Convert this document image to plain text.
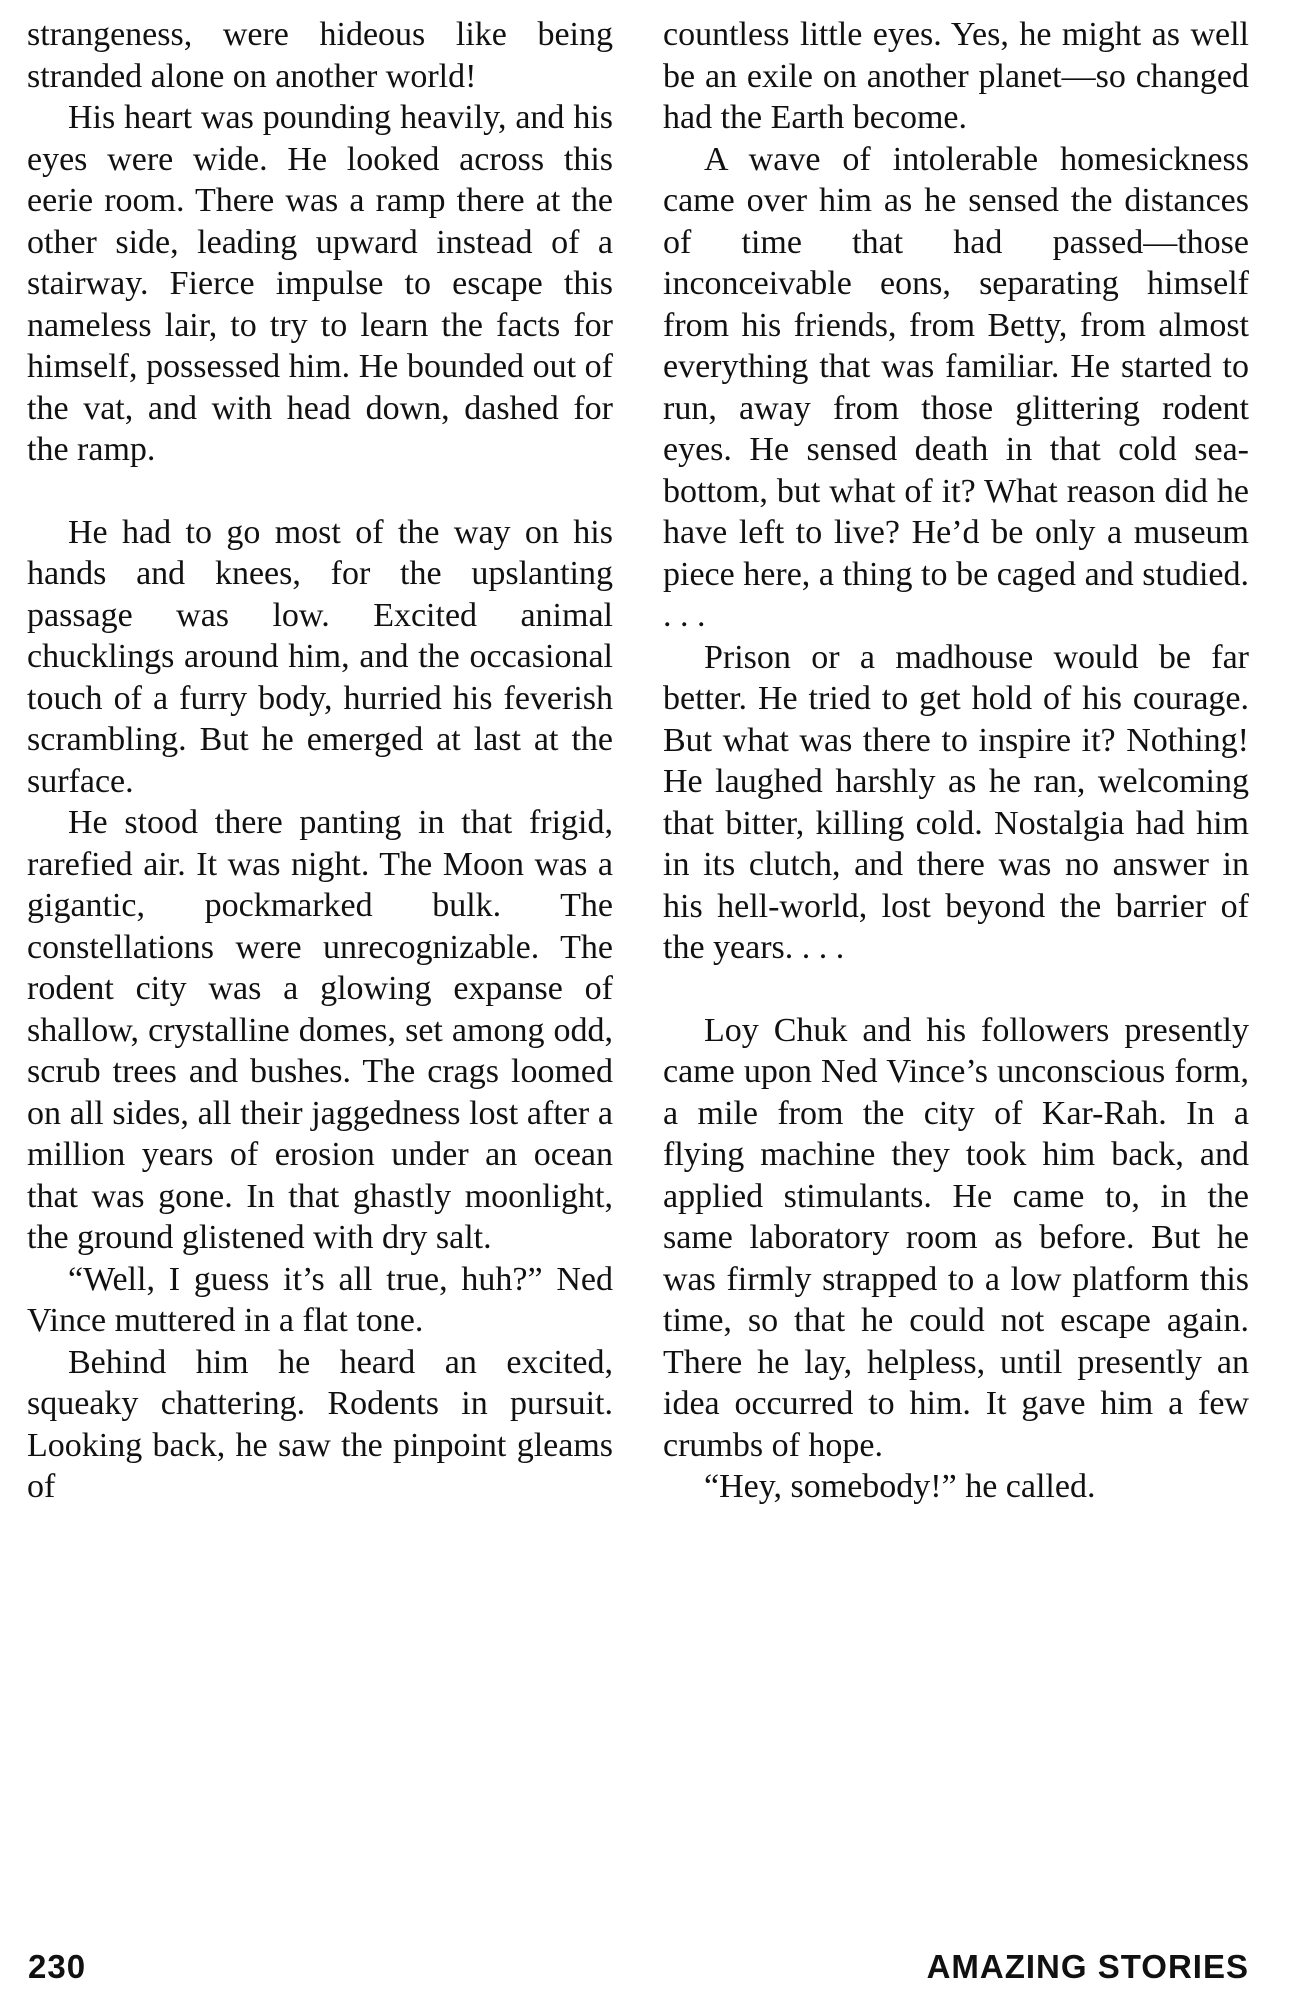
strangeness, were hideous like being stranded alone on another world!

His heart was pounding heavily, and his eyes were wide. He looked across this eerie room. There was a ramp there at the other side, leading upward instead of a stairway. Fierce impulse to escape this nameless lair, to try to learn the facts for himself, possessed him. He bounded out of the vat, and with head down, dashed for the ramp.

He had to go most of the way on his hands and knees, for the upslanting passage was low. Excited animal chucklings around him, and the occasional touch of a furry body, hurried his feverish scrambling. But he emerged at last at the surface.

He stood there panting in that frigid, rarefied air. It was night. The Moon was a gigantic, pockmarked bulk. The constellations were unrecognizable. The rodent city was a glowing expanse of shallow, crystalline domes, set among odd, scrub trees and bushes. The crags loomed on all sides, all their jaggedness lost after a million years of erosion under an ocean that was gone. In that ghastly moonlight, the ground glistened with dry salt.

“Well, I guess it’s all true, huh?” Ned Vince muttered in a flat tone.

Behind him he heard an excited, squeaky chattering. Rodents in pursuit. Looking back, he saw the pinpoint gleams of

countless little eyes. Yes, he might as well be an exile on another planet—so changed had the Earth become.

A wave of intolerable homesickness came over him as he sensed the distances of time that had passed—those inconceivable eons, separating himself from his friends, from Betty, from almost everything that was familiar. He started to run, away from those glittering rodent eyes. He sensed death in that cold sea-bottom, but what of it? What reason did he have left to live? He’d be only a museum piece here, a thing to be caged and studied. . . .

Prison or a madhouse would be far better. He tried to get hold of his courage. But what was there to inspire it? Nothing! He laughed harshly as he ran, welcoming that bitter, killing cold. Nostalgia had him in its clutch, and there was no answer in his hell-world, lost beyond the barrier of the years. . . .

Loy Chuk and his followers presently came upon Ned Vince’s unconscious form, a mile from the city of Kar-Rah. In a flying machine they took him back, and applied stimulants. He came to, in the same laboratory room as before. But he was firmly strapped to a low platform this time, so that he could not escape again. There he lay, helpless, until presently an idea occurred to him. It gave him a few crumbs of hope.

“Hey, somebody!” he called.

230	AMAZING STORIES
